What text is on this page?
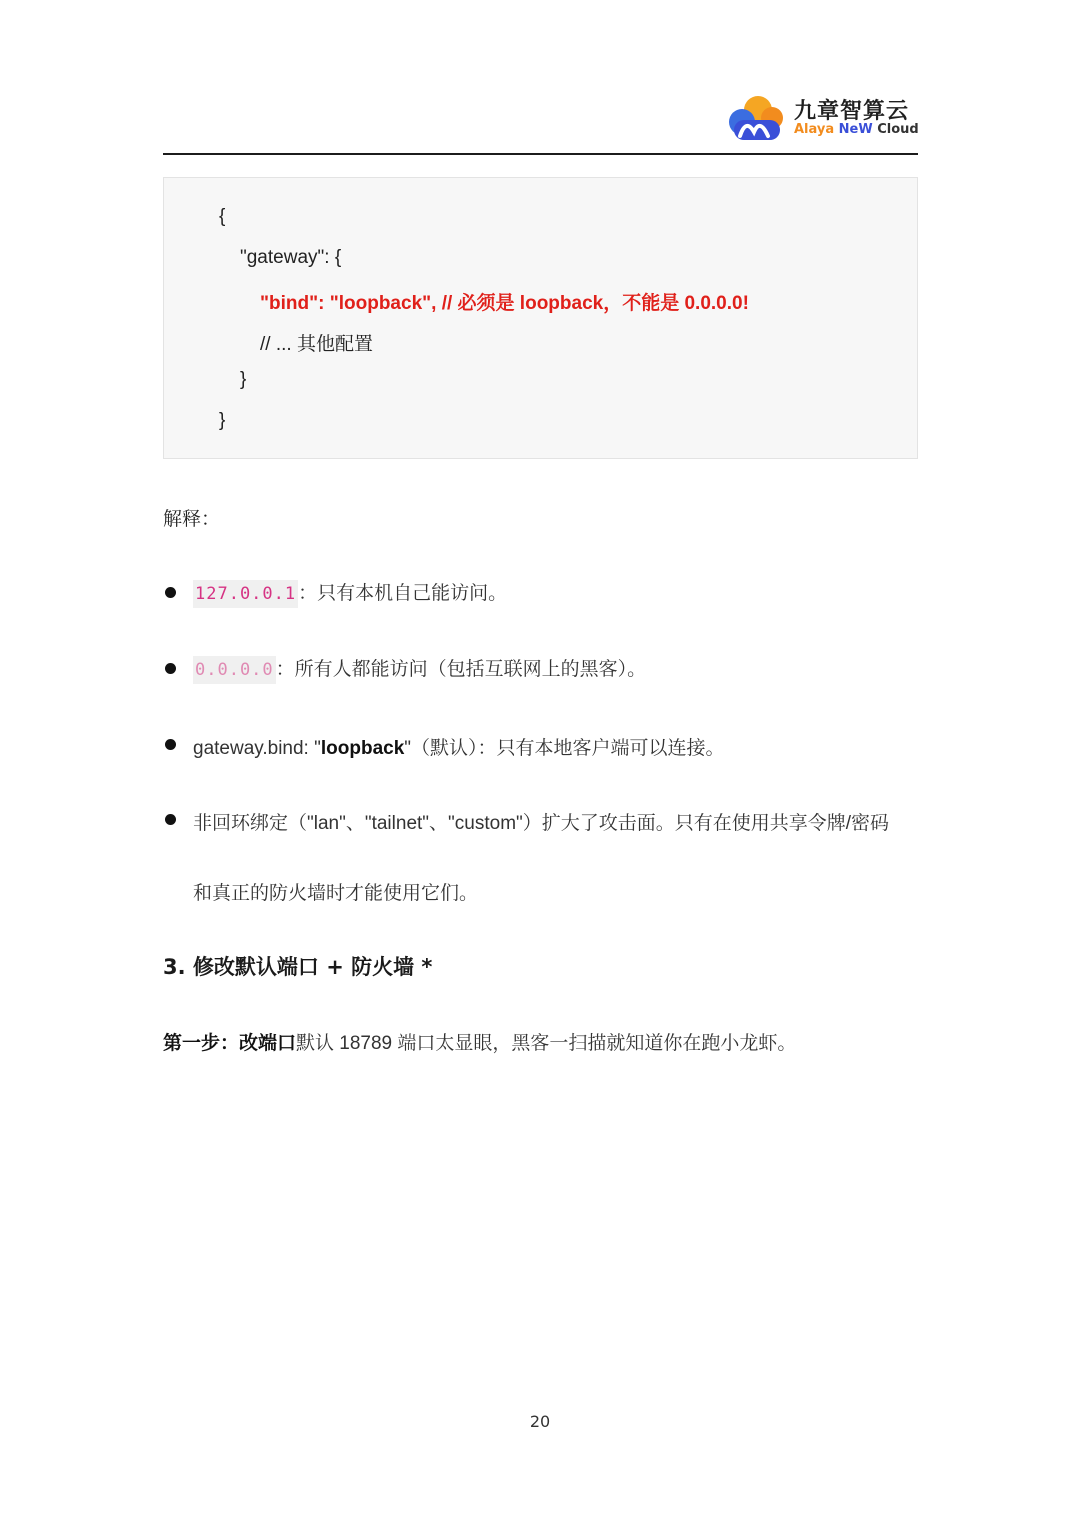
九章智算云
Alaya NeW Cloud
{
"gateway": {
"bind": "loopback", // 必须是 loopback，不能是 0.0.0.0!
// ... 其他配置
}
}
解释：
127.0.0.1 ：只有本机自己能访问。
0.0.0.0 ：所有人都能访问（包括互联网上的黑客）。
gateway.bind: "loopback"（默认）：只有本地客户端可以连接。
非回环绑定（"lan"、"tailnet"、"custom"）扩大了攻击面。只有在使用共享令牌/密码
和真正的防火墙时才能使用它们。
3. 修改默认端口 + 防火墙 *
第一步：改端口默认 18789 端口太显眼，黑客一扫描就知道你在跑小龙虾。
20
